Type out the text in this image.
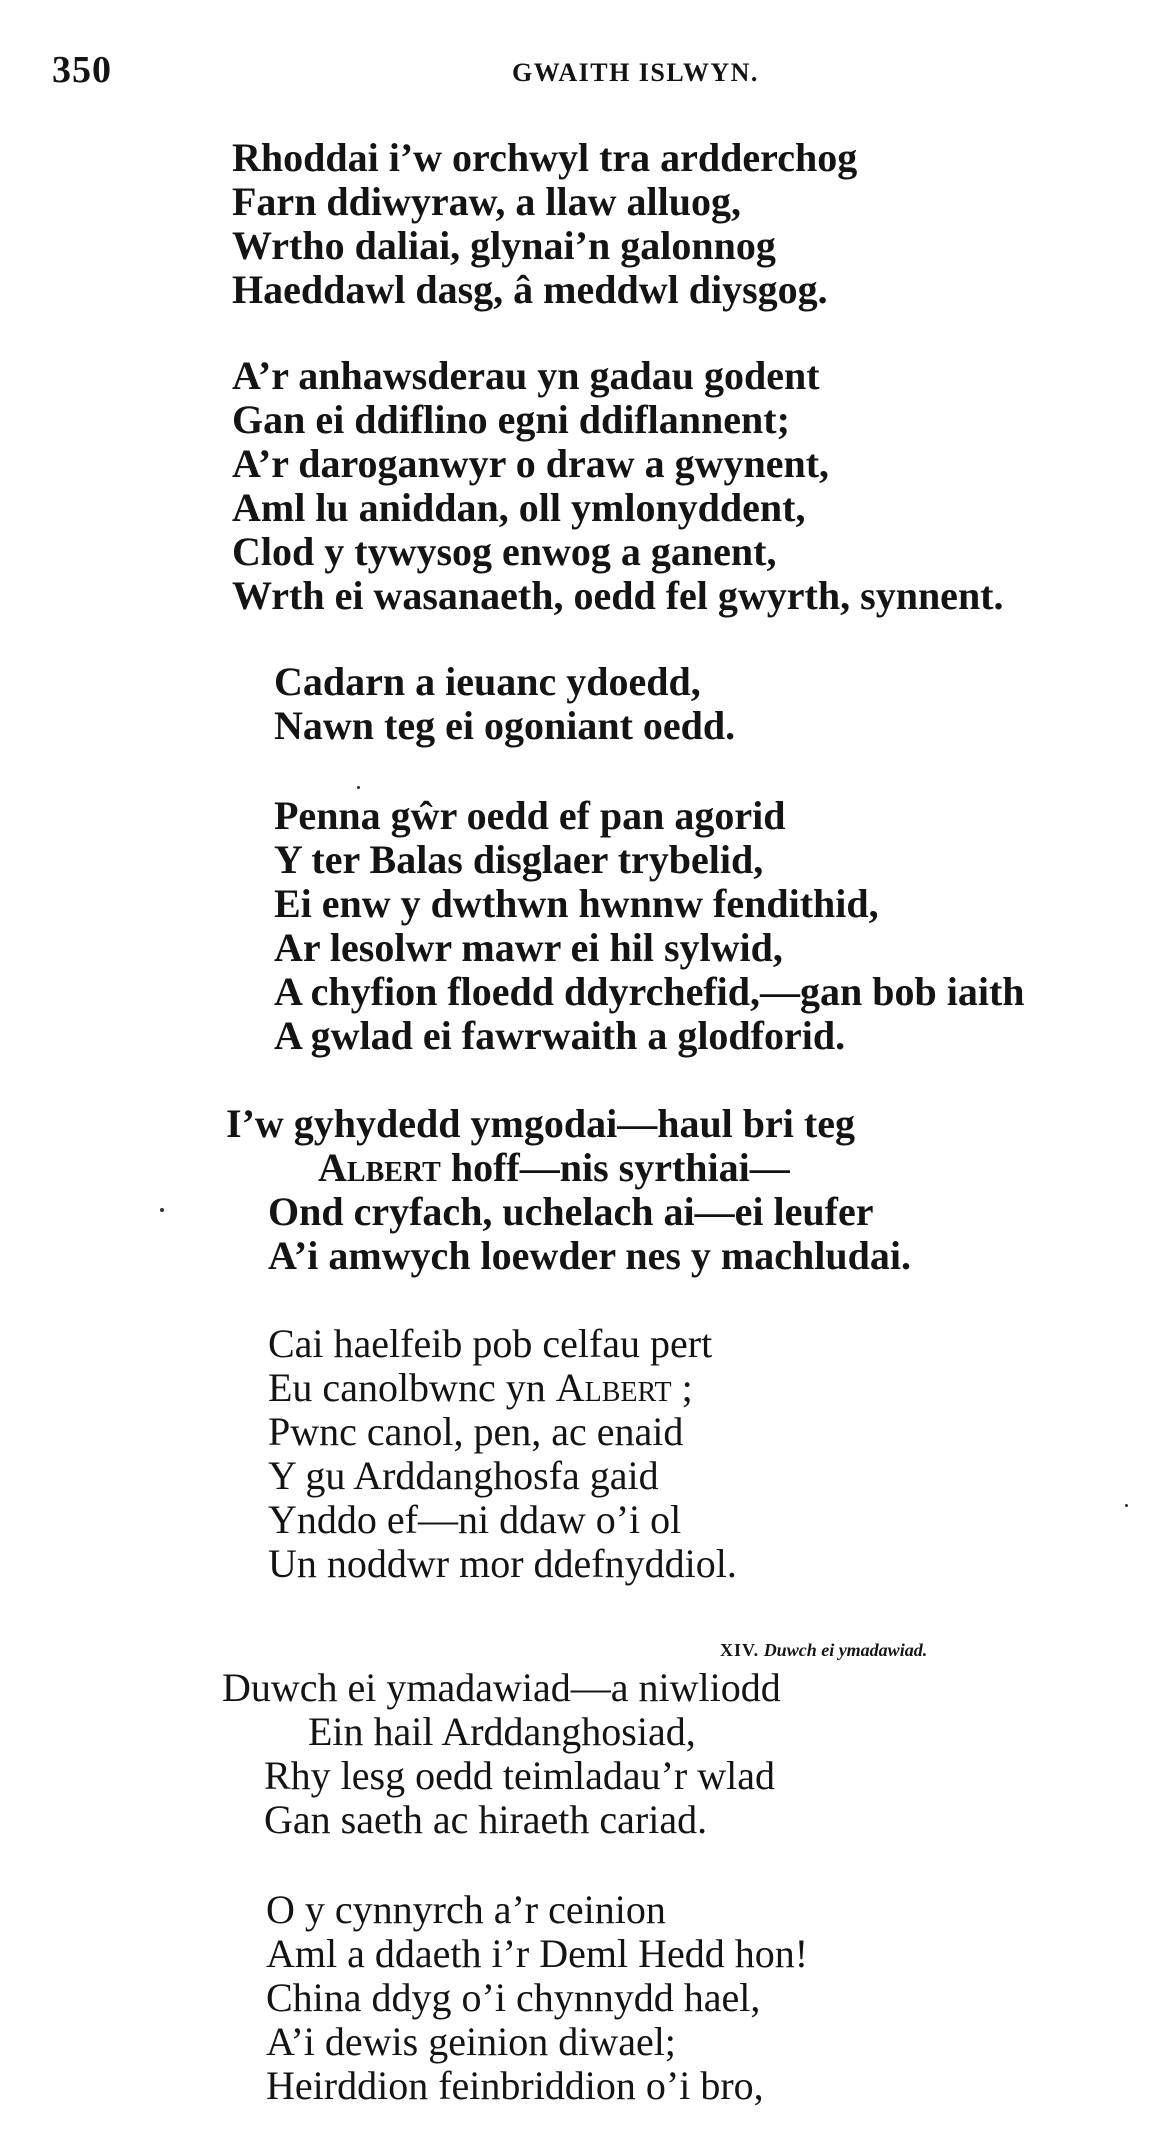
350	GWAITH ISLWYN.
Rhoddai i’w orchwyl tra ardderchog
Farn ddiwyraw, a llaw alluog,
Wrtho daliai, glynai’n galonnog
Haeddawl dasg, â meddwl diysgog.
A’r anhawsderau yn gadau godent
Gan ei ddiflino egni ddiflannent;
A’r daroganwyr o draw a gwynent,
Aml lu aniddan, oll ymlonyddent,
Clod y tywysog enwog a ganent,
Wrth ei wasanaeth, oedd fel gwyrth, synnent.
Cadarn a ieuanc ydoedd,
Nawn teg ei ogoniant oedd.
Penna gŵr oedd ef pan agorid
Y ter Balas disglaer trybelid,
Ei enw y dwthwn hwnnw fendithid,
Ar lesolwr mawr ei hil sylwid,
A chyfion floedd ddyrchefid,—gan bob iaith
A gwlad ei fawrwaith a glodforid.
I’w gyhydedd ymgodai—haul bri teg
Albert hoff—nis syrthiai—
Ond cryfach, uchelach ai—ei leufer
A’i amwych loewder nes y machludai.
Cai haelfeib pob celfau pert
Eu canolbwnc yn Albert ;
Pwnc canol, pen, ac enaid
Y gu Arddanghosfa gaid
Ynddo ef—ni ddaw o’i ol
Un noddwr mor ddefnyddiol.
XIV. Duwch ei ymadawiad.
Duwch ei ymadawiad—a niwliodd
Ein hail Arddanghosiad,
Rhy lesg oedd teimladau’r wlad
Gan saeth ac hiraeth cariad.
O y cynnyrch a’r ceinion
Aml a ddaeth i’r Deml Hedd hon!
China ddyg o’i chynnydd hael,
A’i dewis geinion diwael;
Heirddion feinbriddion o’i bro,
